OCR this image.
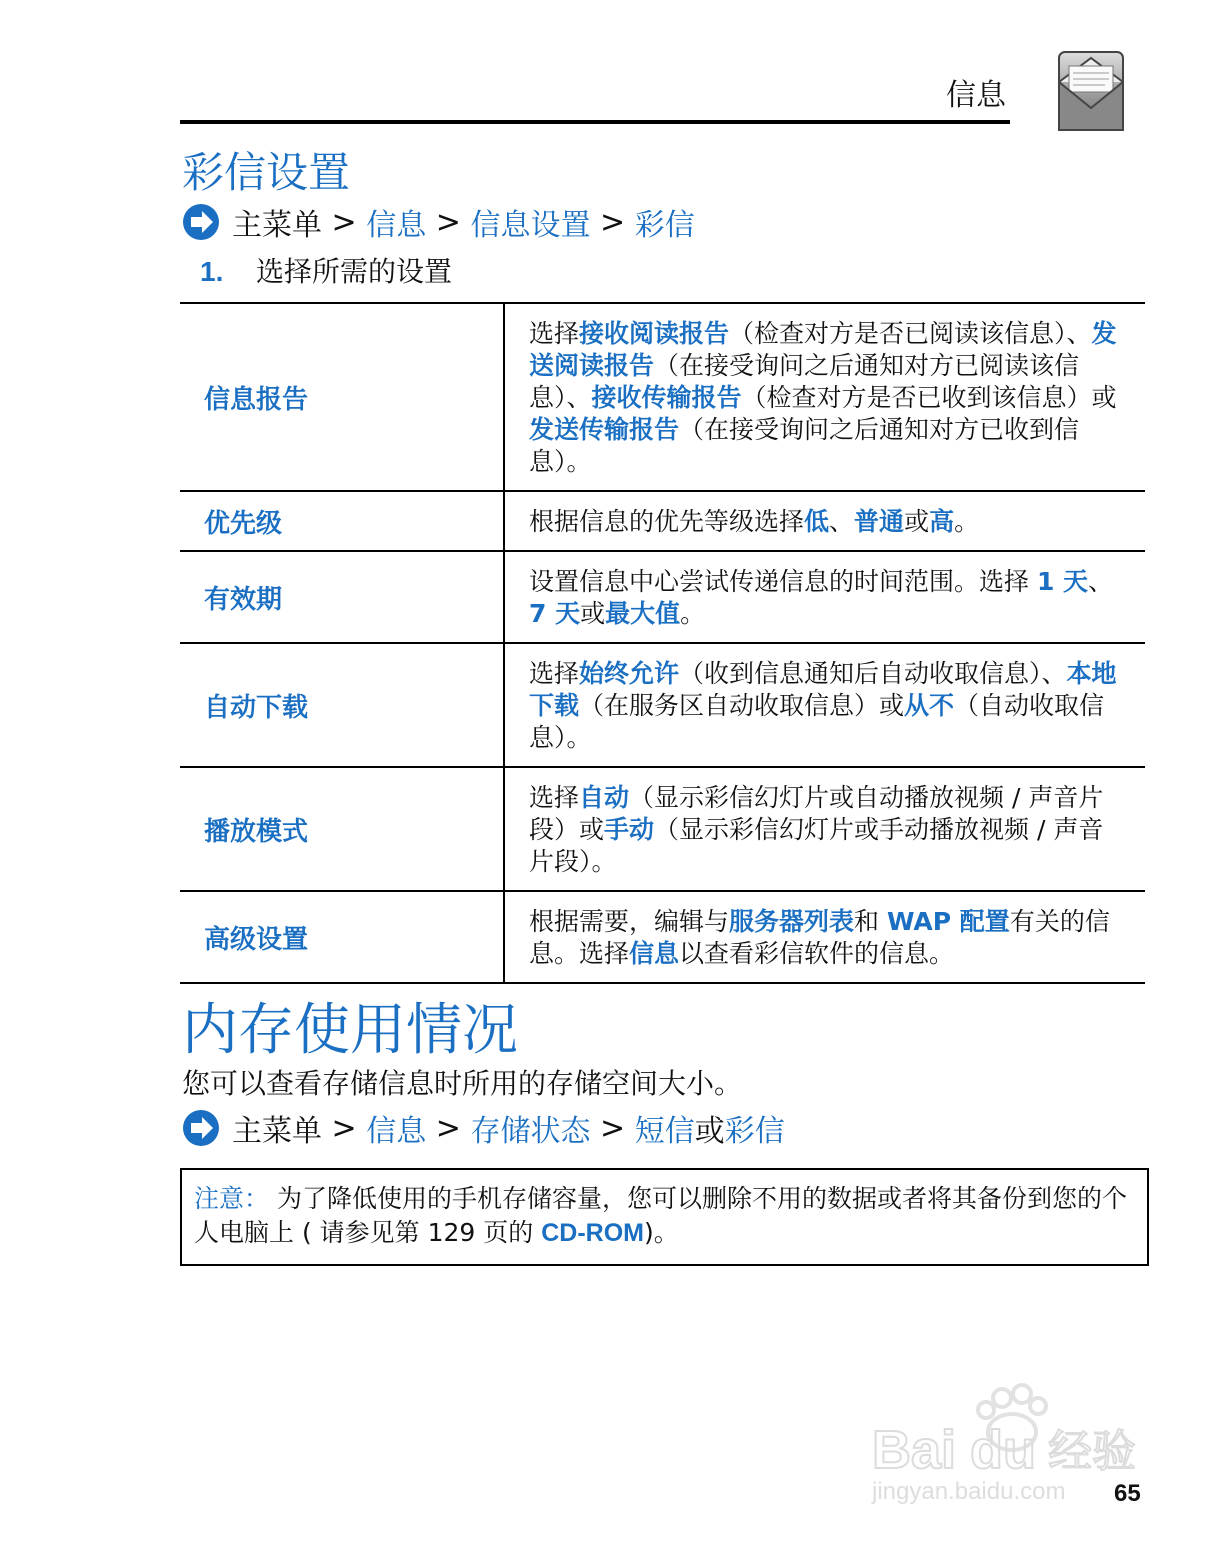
信息
彩信设置
主菜单
>
信息
>
信息设置
>
彩信
1. 选择所需的设置
信息报告	选择接收阅读报告（检查对方是否已阅读该信息）、发送阅读报告（在接受询问之后通知对方已阅读该信息）、接收传输报告（检查对方是否已收到该信息）或发送传输报告（在接受询问之后通知对方已收到信息）。
优先级	根据信息的优先等级选择低、普通或高。
有效期	设置信息中心尝试传递信息的时间范围。选择 1 天、 7 天或最大值。
自动下载	选择始终允许（收到信息通知后自动收取信息）、本地下载（在服务区自动收取信息）或从不（自动收取信息）。
播放模式	选择自动（显示彩信幻灯片或自动播放视频 / 声音片段）或手动（显示彩信幻灯片或手动播放视频 / 声音片段）。
高级设置	根据需要，编辑与服务器列表和 WAP 配置有关的信息。选择信息以查看彩信软件的信息。
内存使用情况
您可以查看存储信息时所用的存储空间大小。
主菜单
>
信息
>
存储状态
>
短信 或 彩信
注意： 为了降低使用的手机存储容量，您可以删除不用的数据或者将其备份到您的个人电脑上 ( 请参见第 129 页的 CD-ROM)。
Bai du 经验
jingyan.baidu.com 65
